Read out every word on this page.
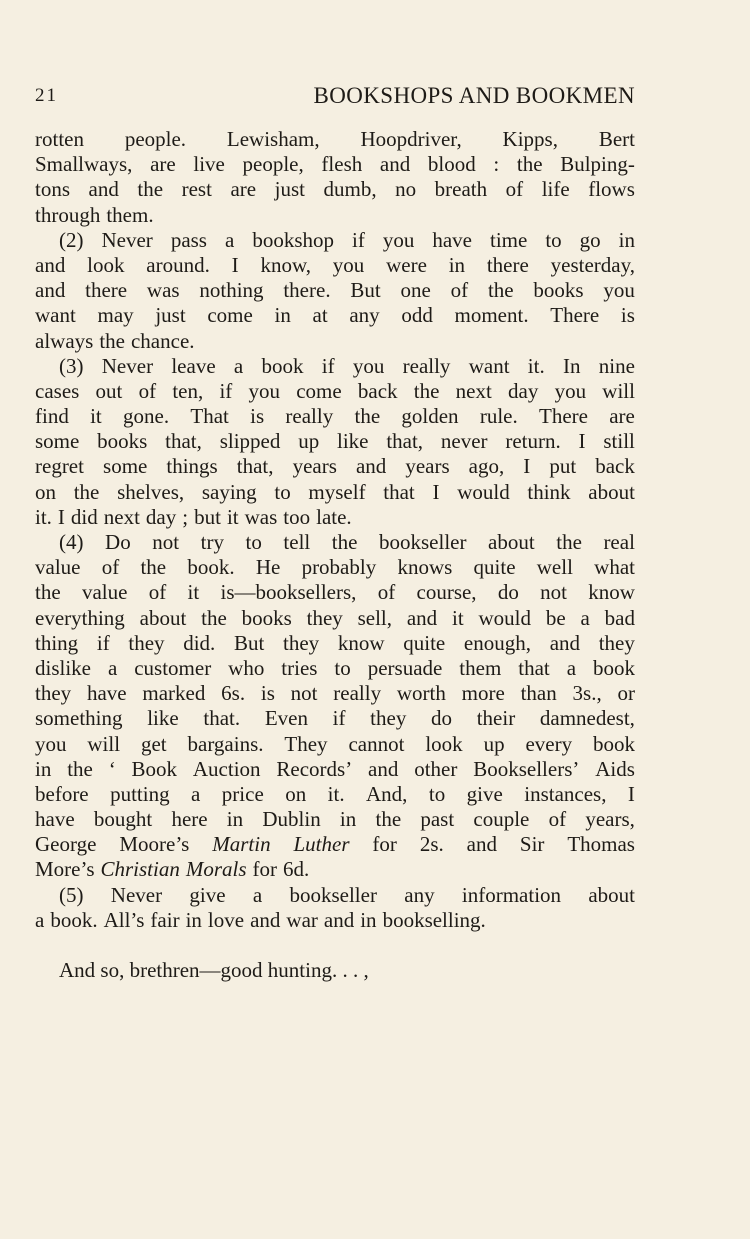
21	BOOKSHOPS AND BOOKMEN
rotten people. Lewisham, Hoopdriver, Kipps, Bert
Smallways, are live people, flesh and blood : the Bulping-
tons and the rest are just dumb, no breath of life flows
through them.
(2) Never pass a bookshop if you have time to go in
and look around. I know, you were in there yesterday,
and there was nothing there. But one of the books you
want may just come in at any odd moment. There is
always the chance.
(3) Never leave a book if you really want it. In nine
cases out of ten, if you come back the next day you will
find it gone. That is really the golden rule. There are
some books that, slipped up like that, never return. I still
regret some things that, years and years ago, I put back
on the shelves, saying to myself that I would think about
it. I did next day ; but it was too late.
(4) Do not try to tell the bookseller about the real
value of the book. He probably knows quite well what
the value of it is—booksellers, of course, do not know
everything about the books they sell, and it would be a bad
thing if they did. But they know quite enough, and they
dislike a customer who tries to persuade them that a book
they have marked 6s. is not really worth more than 3s., or
something like that. Even if they do their damnedest,
you will get bargains. They cannot look up every book
in the ‘ Book Auction Records’ and other Booksellers’ Aids
before putting a price on it. And, to give instances, I
have bought here in Dublin in the past couple of years,
George Moore’s Martin Luther for 2s. and Sir Thomas
More’s Christian Morals for 6d.
(5) Never give a bookseller any information about
a book. All’s fair in love and war and in bookselling.
And so, brethren—good hunting. . . ,
